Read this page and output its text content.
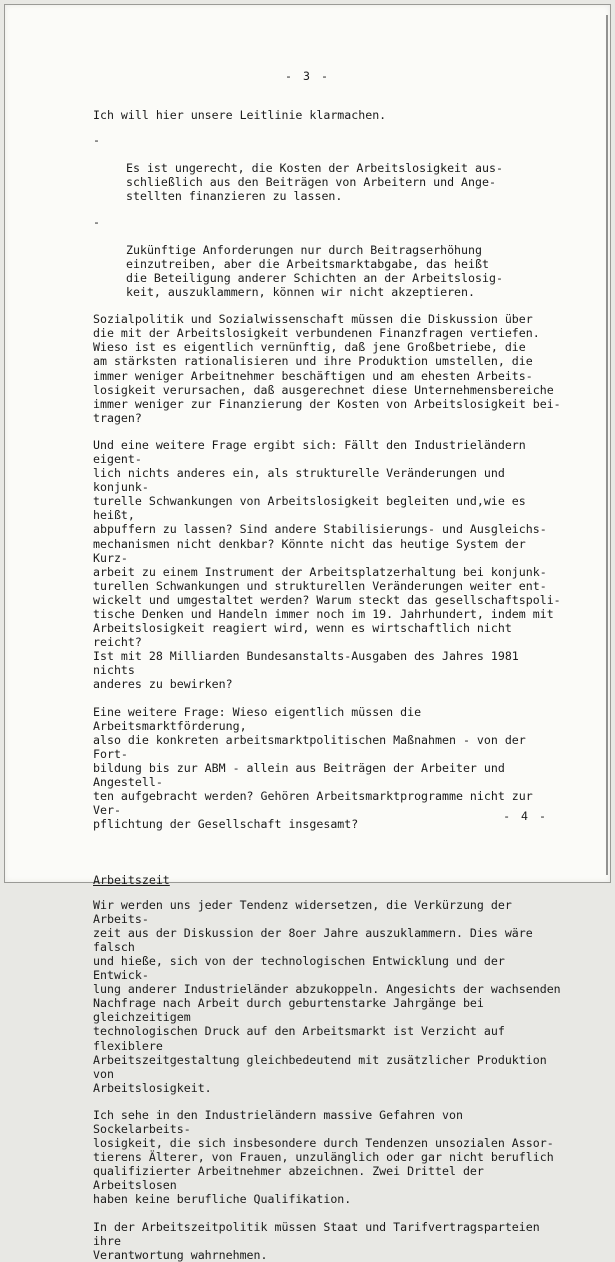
- 3 -

Ich will hier unsere Leitlinie klarmachen.

-

Es ist ungerecht, die Kosten der Arbeitslosigkeit aus-
schließlich aus den Beiträgen von Arbeitern und Ange-
stellten finanzieren zu lassen.

-

Zukünftige Anforderungen nur durch Beitragserhöhung
einzutreiben, aber die Arbeitsmarktabgabe, das heißt
die Beteiligung anderer Schichten an der Arbeitslosig-
keit, auszuklammern, können wir nicht akzeptieren.

Sozialpolitik und Sozialwissenschaft müssen die Diskussion über
die mit der Arbeitslosigkeit verbundenen Finanzfragen vertiefen.
Wieso ist es eigentlich vernünftig, daß jene Großbetriebe, die
am stärksten rationalisieren und ihre Produktion umstellen, die
immer weniger Arbeitnehmer beschäftigen und am ehesten Arbeits-
losigkeit verursachen, daß ausgerechnet diese Unternehmensbereiche
immer weniger zur Finanzierung der Kosten von Arbeitslosigkeit bei-
tragen?

Und eine weitere Frage ergibt sich: Fällt den Industrieländern eigent-
lich nichts anderes ein, als strukturelle Veränderungen und konjunk-
turelle Schwankungen von Arbeitslosigkeit begleiten und,wie es heißt,
abpuffern zu lassen? Sind andere Stabilisierungs- und Ausgleichs-
mechanismen nicht denkbar? Könnte nicht das heutige System der Kurz-
arbeit zu einem Instrument der Arbeitsplatzerhaltung bei konjunk-
turellen Schwankungen und strukturellen Veränderungen weiter ent-
wickelt und umgestaltet werden? Warum steckt das gesellschaftspoli-
tische Denken und Handeln immer noch im 19. Jahrhundert, indem mit
Arbeitslosigkeit reagiert wird, wenn es wirtschaftlich nicht reicht?
Ist mit 28 Milliarden Bundesanstalts-Ausgaben des Jahres 1981 nichts
anderes zu bewirken?

Eine weitere Frage: Wieso eigentlich müssen die Arbeitsmarktförderung,
also die konkreten arbeitsmarktpolitischen Maßnahmen - von der Fort-
bildung bis zur ABM - allein aus Beiträgen der Arbeiter und Angestell-
ten aufgebracht werden? Gehören Arbeitsmarktprogramme nicht zur Ver-
pflichtung der Gesellschaft insgesamt?

Arbeitszeit

Wir werden uns jeder Tendenz widersetzen, die Verkürzung der Arbeits-
zeit aus der Diskussion der 8oer Jahre auszuklammern. Dies wäre falsch
und hieße, sich von der technologischen Entwicklung und der Entwick-
lung anderer Industrieländer abzukoppeln. Angesichts der wachsenden
Nachfrage nach Arbeit durch geburtenstarke Jahrgänge bei gleichzeitigem
technologischen Druck auf den Arbeitsmarkt ist Verzicht auf flexiblere
Arbeitszeitgestaltung gleichbedeutend mit zusätzlicher Produktion von
Arbeitslosigkeit.

Ich sehe in den Industrieländern massive Gefahren von Sockelarbeits-
losigkeit, die sich insbesondere durch Tendenzen unsozialen Assor-
tierens Älterer, von Frauen, unzulänglich oder gar nicht beruflich
qualifizierter Arbeitnehmer abzeichnen. Zwei Drittel der Arbeitslosen
haben keine berufliche Qualifikation.

In der Arbeitszeitpolitik müssen Staat und Tarifvertragsparteien ihre
Verantwortung wahrnehmen.

- 4 -
